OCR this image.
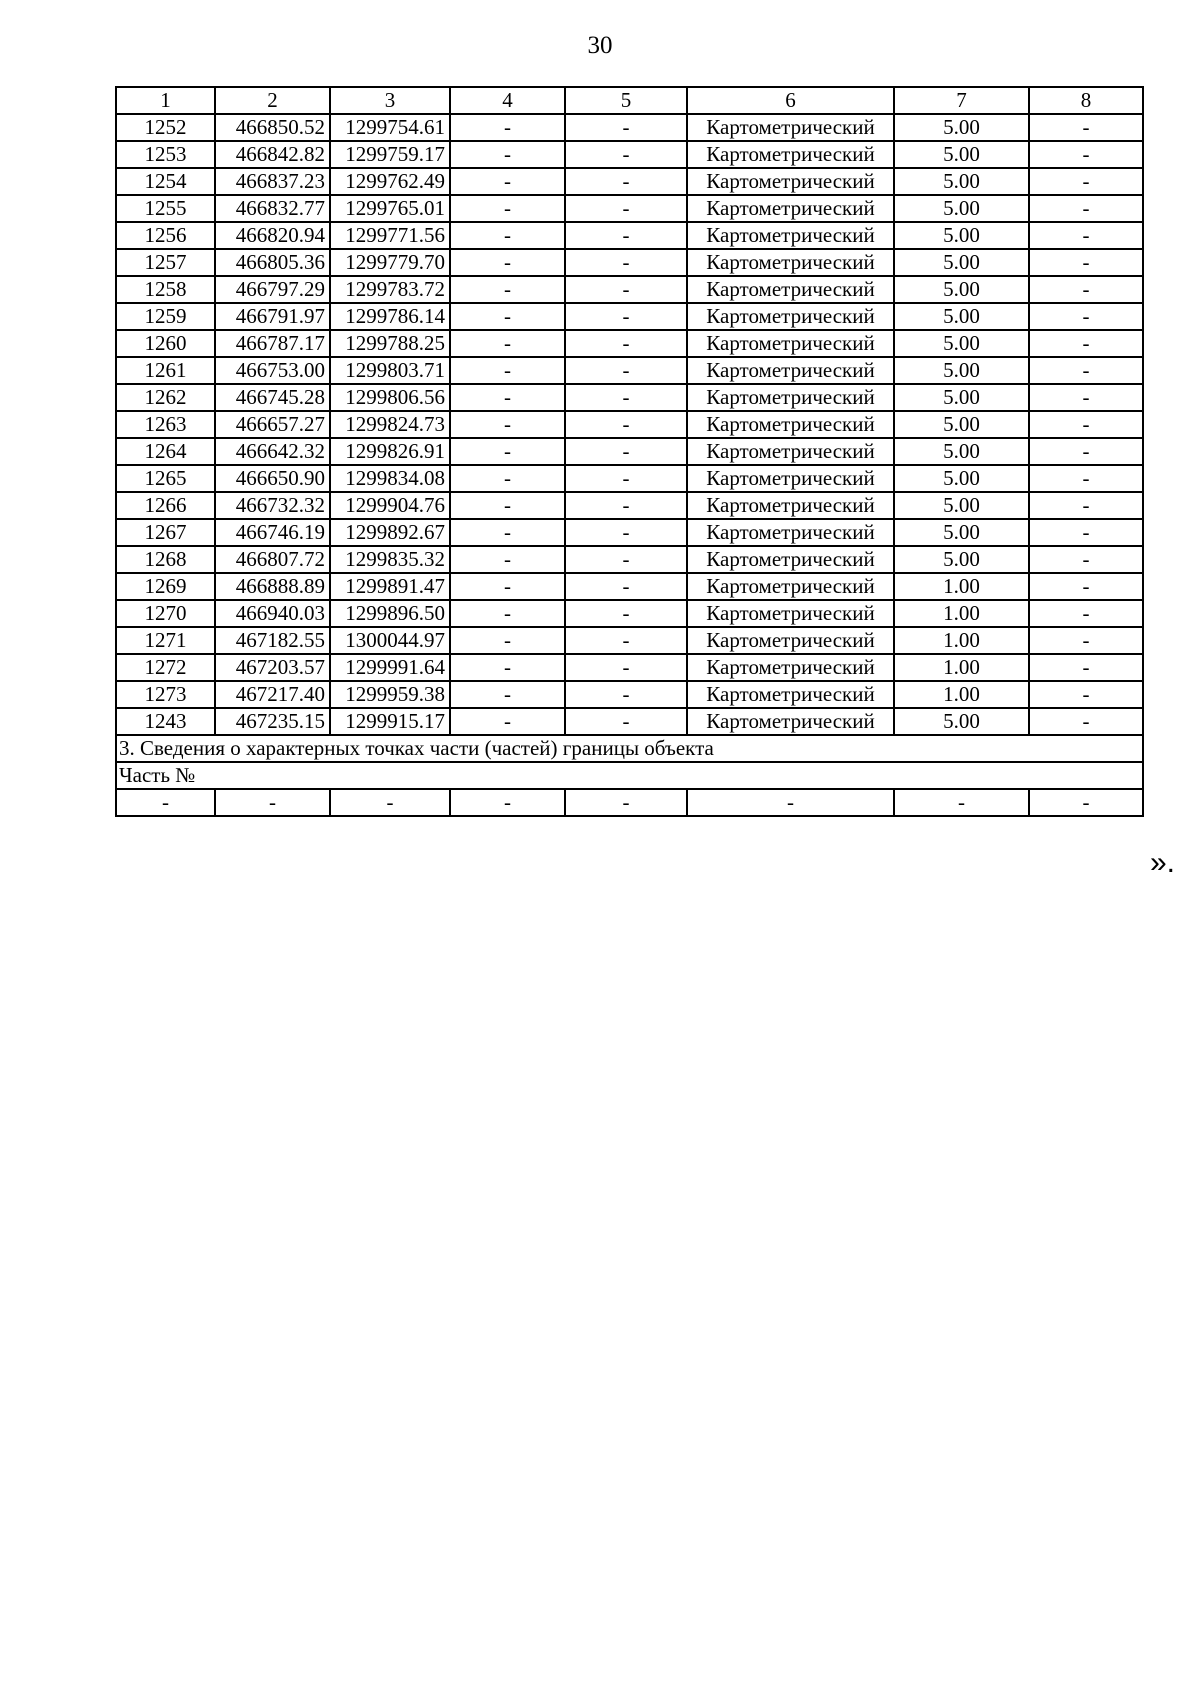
30
1	2	3	4	5	6	7	8
1252	466850.52	1299754.61	-	-	Картометрический	5.00	-
1253	466842.82	1299759.17	-	-	Картометрический	5.00	-
1254	466837.23	1299762.49	-	-	Картометрический	5.00	-
1255	466832.77	1299765.01	-	-	Картометрический	5.00	-
1256	466820.94	1299771.56	-	-	Картометрический	5.00	-
1257	466805.36	1299779.70	-	-	Картометрический	5.00	-
1258	466797.29	1299783.72	-	-	Картометрический	5.00	-
1259	466791.97	1299786.14	-	-	Картометрический	5.00	-
1260	466787.17	1299788.25	-	-	Картометрический	5.00	-
1261	466753.00	1299803.71	-	-	Картометрический	5.00	-
1262	466745.28	1299806.56	-	-	Картометрический	5.00	-
1263	466657.27	1299824.73	-	-	Картометрический	5.00	-
1264	466642.32	1299826.91	-	-	Картометрический	5.00	-
1265	466650.90	1299834.08	-	-	Картометрический	5.00	-
1266	466732.32	1299904.76	-	-	Картометрический	5.00	-
1267	466746.19	1299892.67	-	-	Картометрический	5.00	-
1268	466807.72	1299835.32	-	-	Картометрический	5.00	-
1269	466888.89	1299891.47	-	-	Картометрический	1.00	-
1270	466940.03	1299896.50	-	-	Картометрический	1.00	-
1271	467182.55	1300044.97	-	-	Картометрический	1.00	-
1272	467203.57	1299991.64	-	-	Картометрический	1.00	-
1273	467217.40	1299959.38	-	-	Картометрический	1.00	-
1243	467235.15	1299915.17	-	-	Картометрический	5.00	-
3. Сведения о характерных точках части (частей) границы объекта							
Часть №							
-	-	-	-	-	-	-	-
».
